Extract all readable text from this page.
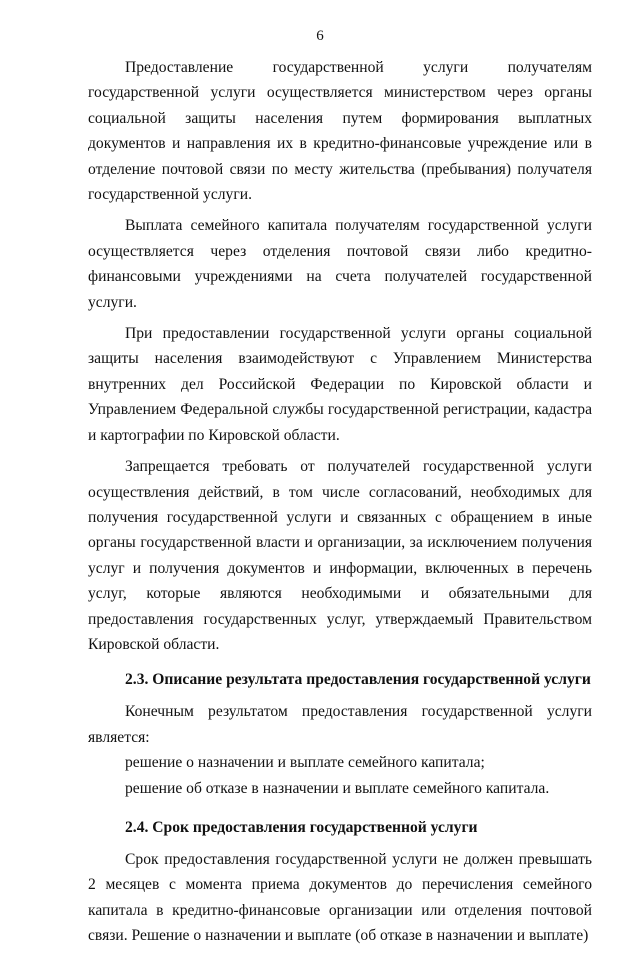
6

Предоставление государственной услуги получателям государственной услуги осуществляется министерством через органы социальной защиты населения путем формирования выплатных документов и направления их в кредитно-финансовые учреждение или в отделение почтовой связи по месту жительства (пребывания) получателя государственной услуги.

Выплата семейного капитала получателям государственной услуги осуществляется через отделения почтовой связи либо кредитно-финансовыми учреждениями на счета получателей государственной услуги.

При предоставлении государственной услуги органы социальной защиты населения взаимодействуют с Управлением Министерства внутренних дел Российской Федерации по Кировской области и Управлением Федеральной службы государственной регистрации, кадастра и картографии по Кировской области.

Запрещается требовать от получателей государственной услуги осуществления действий, в том числе согласований, необходимых для получения государственной услуги и связанных с обращением в иные органы государственной власти и организации, за исключением получения услуг и получения документов и информации, включенных в перечень услуг, которые являются необходимыми и обязательными для предоставления государственных услуг, утверждаемый Правительством Кировской области.

2.3. Описание результата предоставления государственной услуги

Конечным результатом предоставления государственной услуги является:

решение о назначении и выплате семейного капитала;

решение об отказе в назначении и выплате семейного капитала.

2.4. Срок предоставления государственной услуги

Срок предоставления государственной услуги не должен превышать 2 месяцев с момента приема документов до перечисления семейного капитала в кредитно-финансовые организации или отделения почтовой связи. Решение о назначении и выплате (об отказе в назначении и выплате)
